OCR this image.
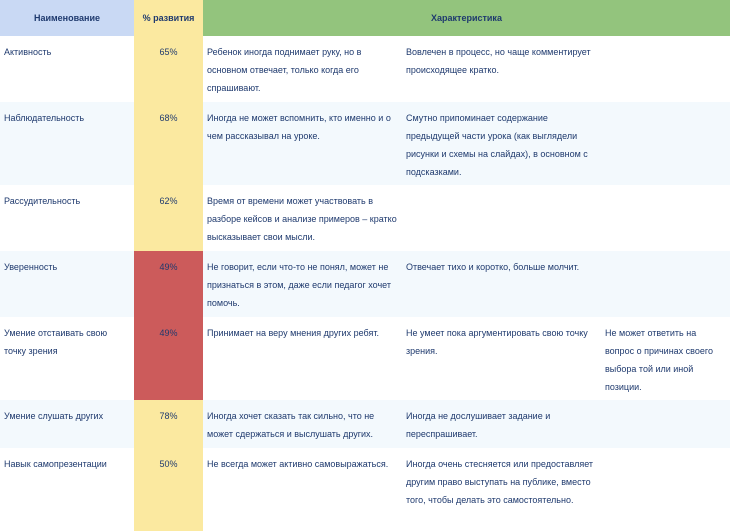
Наименование	% развития	Характеристика		
Активность	65%	Ребенок иногда поднимает руку, но в основном отвечает, только когда его спрашивают.	Вовлечен в процесс, но чаще комментирует происходящее кратко.	
Наблюдательность	68%	Иногда не может вспомнить, кто именно и о чем рассказывал на уроке.	Смутно припоминает содержание предыдущей части урока (как выглядели рисунки и схемы на слайдах), в основном с подсказками.	
Рассудительность	62%	Время от времени может участвовать в разборе кейсов и анализе примеров – кратко высказывает свои мысли.		
Уверенность	49%	Не говорит, если что-то не понял, может не признаться в этом, даже если педагог хочет помочь.	Отвечает тихо и коротко, больше молчит.	
Умение отстаивать свою точку зрения	49%	Принимает на веру мнения других ребят.	Не умеет пока аргументировать свою точку зрения.	Не может ответить на вопрос о причинах своего выбора той или иной позиции.
Умение слушать других	78%	Иногда хочет сказать так сильно, что не может сдержаться и выслушать других.	Иногда не дослушивает задание и переспрашивает.	
Навык самопрезентации	50%	Не всегда может активно самовыражаться.	Иногда очень стесняется или предоставляет другим право выступать на публике, вместо того, чтобы делать это самостоятельно.	
